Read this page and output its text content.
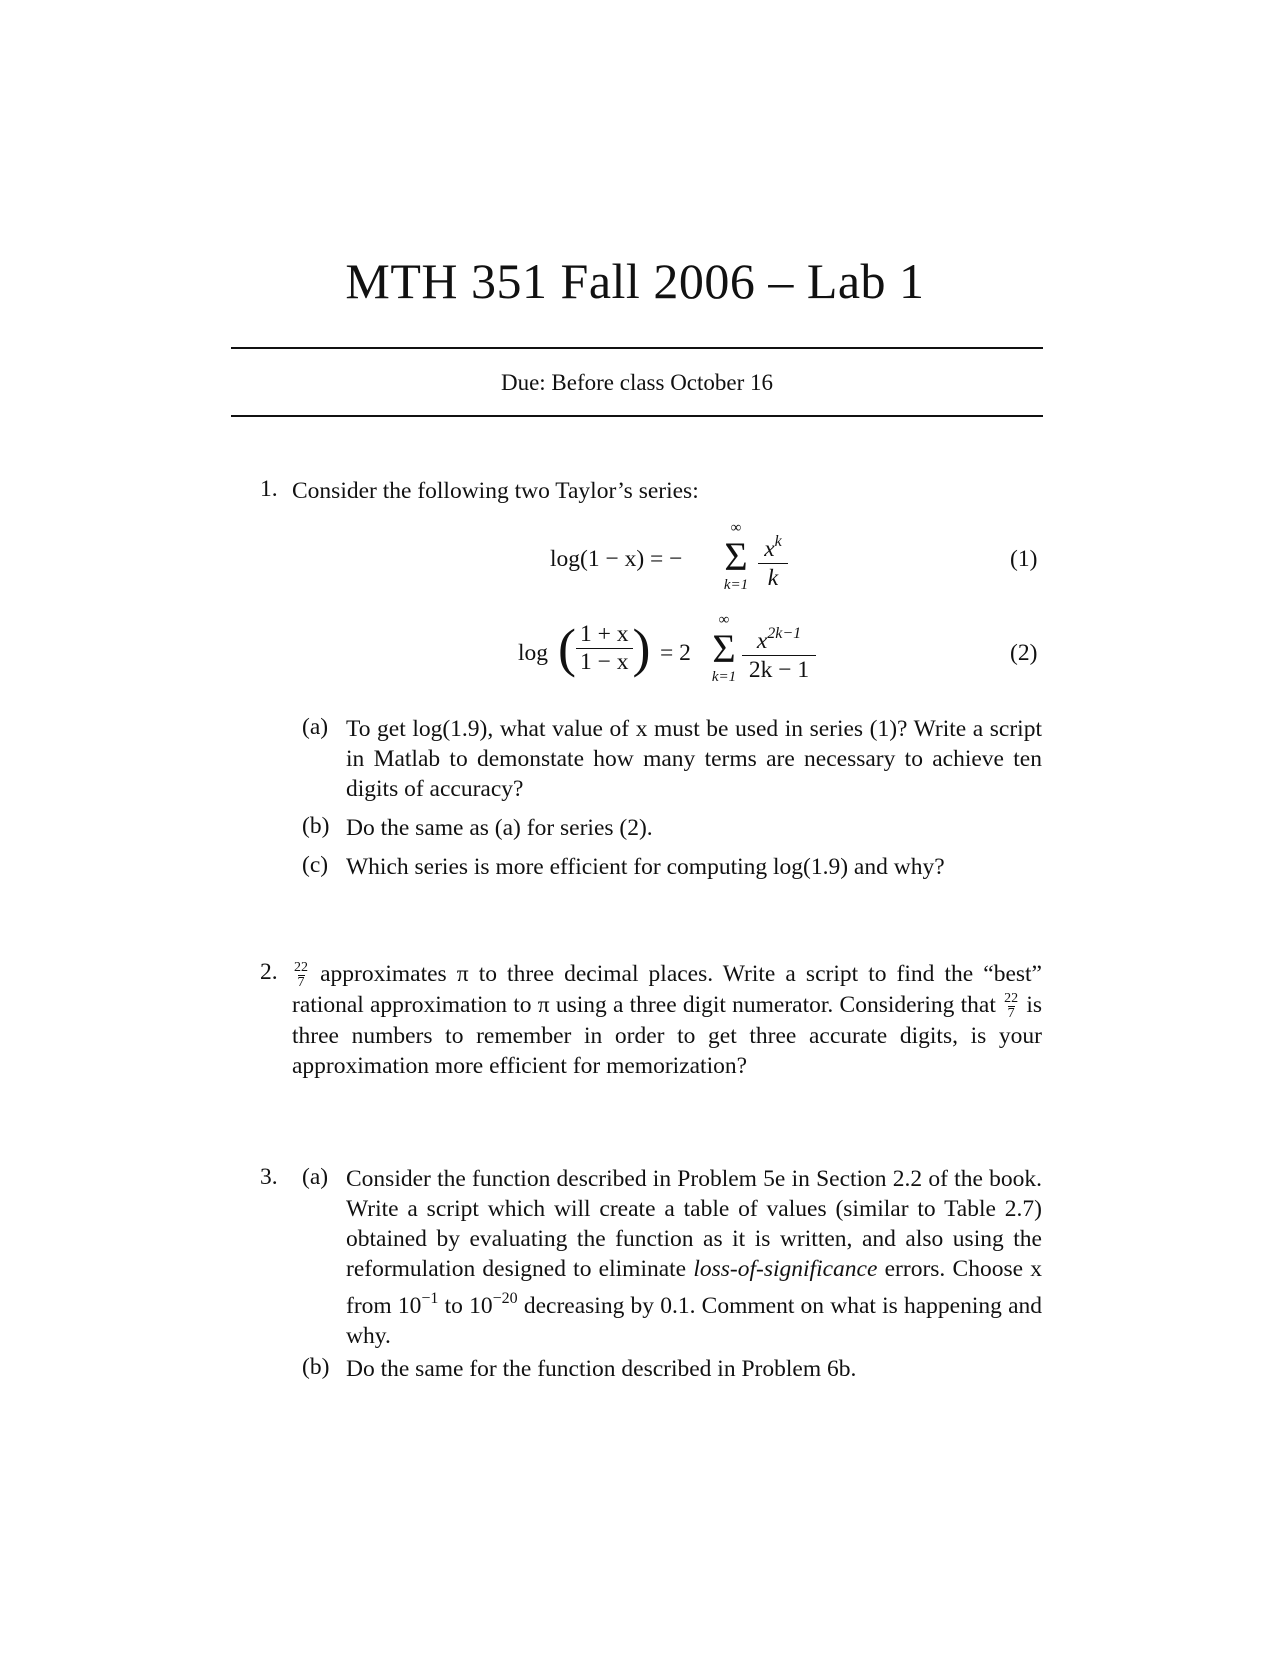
MTH 351 Fall 2006 – Lab 1
Due: Before class October 16
1. Consider the following two Taylor’s series:
log(1 − x) = −
∞
Σ
k=1
$x^k$
k
(1)
log ( $\frac{1 + x}{1 - x}$ ) = 2
∞
Σ
k=1
$x^{2k-1}$
2k − 1
(2)
(a) To get log(1.9), what value of x must be used in series (1)? Write a script in Matlab to demonstate how many terms are necessary to achieve ten digits of accuracy?
(b) Do the same as (a) for series (2).
(c) Which series is more efficient for computing log(1.9) and why?
2. $\frac{22}{7}$ approximates π to three decimal places. Write a script to find the “best” rational approximation to π using a three digit numerator. Considering that $\frac{22}{7}$ is three numbers to remember in order to get three accurate digits, is your approximation more efficient for memorization?
3. (a) Consider the function described in Problem 5e in Section 2.2 of the book. Write a script which will create a table of values (similar to Table 2.7) obtained by evaluating the function as it is written, and also using the reformulation designed to eliminate loss-of-significance errors. Choose x from $10^{-1}$ to $10^{-20}$ decreasing by 0.1. Comment on what is happening and why.
(b) Do the same for the function described in Problem 6b.
